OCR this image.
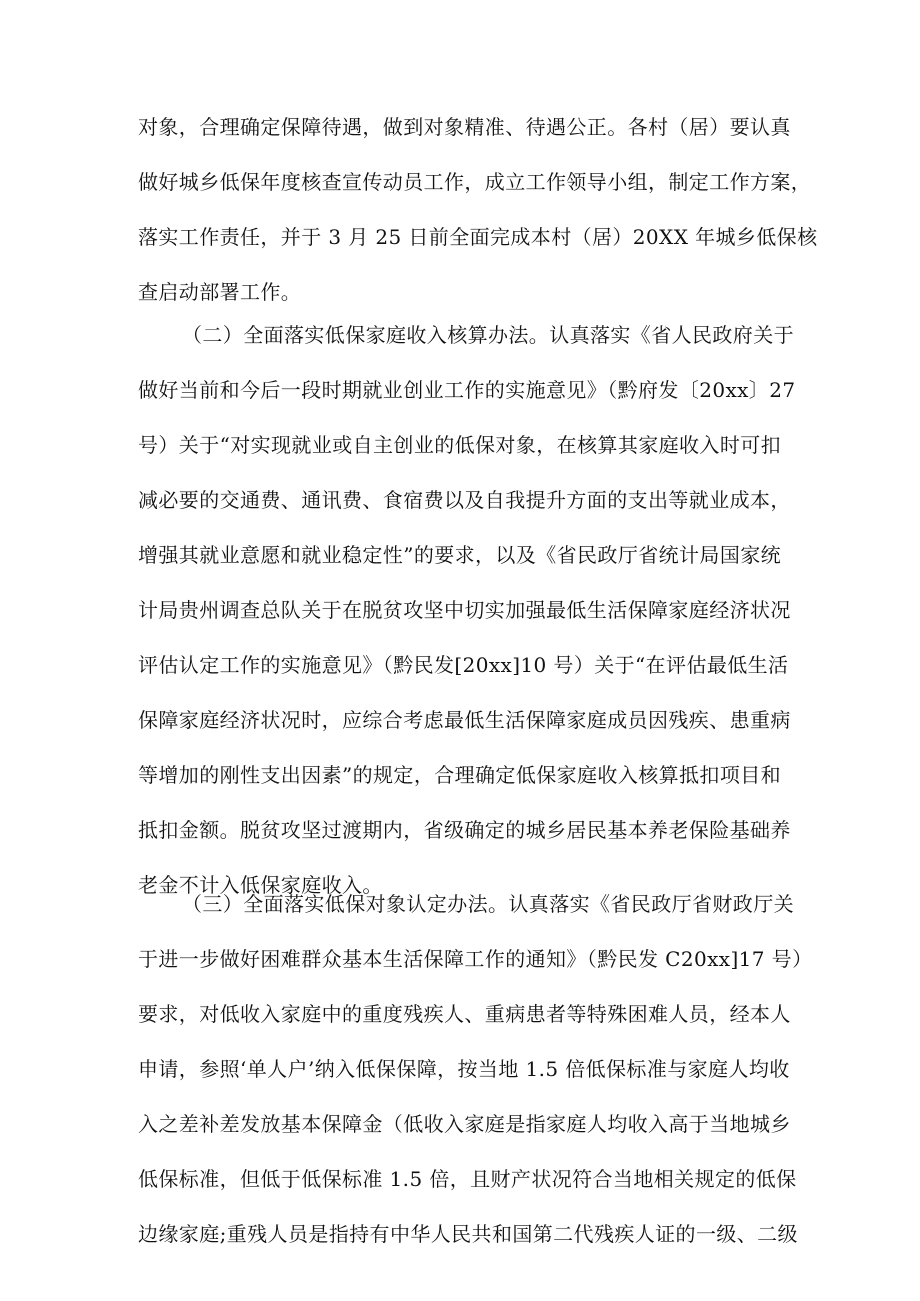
对象，合理确定保障待遇，做到对象精准、待遇公正。各村（居）要认真
做好城乡低保年度核查宣传动员工作，成立工作领导小组，制定工作方案，
落实工作责任，并于 3 月 25 日前全面完成本村（居）20XX 年城乡低保核
查启动部署工作。
（二）全面落实低保家庭收入核算办法。认真落实《省人民政府关于
做好当前和今后一段时期就业创业工作的实施意见》（黔府发〔20xx〕27
号）关于“对实现就业或自主创业的低保对象，在核算其家庭收入时可扣
减必要的交通费、通讯费、食宿费以及自我提升方面的支出等就业成本，
增强其就业意愿和就业稳定性”的要求，以及《省民政厅省统计局国家统
计局贵州调查总队关于在脱贫攻坚中切实加强最低生活保障家庭经济状况
评估认定工作的实施意见》（黔民发[20xx]10 号）关于“在评估最低生活
保障家庭经济状况时，应综合考虑最低生活保障家庭成员因残疾、患重病
等增加的刚性支出因素”的规定，合理确定低保家庭收入核算抵扣项目和
抵扣金额。脱贫攻坚过渡期内，省级确定的城乡居民基本养老保险基础养
老金不计入低保家庭收入。
（三）全面落实低保对象认定办法。认真落实《省民政厅省财政厅关
于进一步做好困难群众基本生活保障工作的通知》（黔民发 C20xx]17 号）
要求，对低收入家庭中的重度残疾人、重病患者等特殊困难人员，经本人
申请，参照‘单人户’纳入低保保障，按当地 1.5 倍低保标准与家庭人均收
入之差补差发放基本保障金（低收入家庭是指家庭人均收入高于当地城乡
低保标准，但低于低保标准 1.5 倍，且财产状况符合当地相关规定的低保
边缘家庭;重残人员是指持有中华人民共和国第二代残疾人证的一级、二级
